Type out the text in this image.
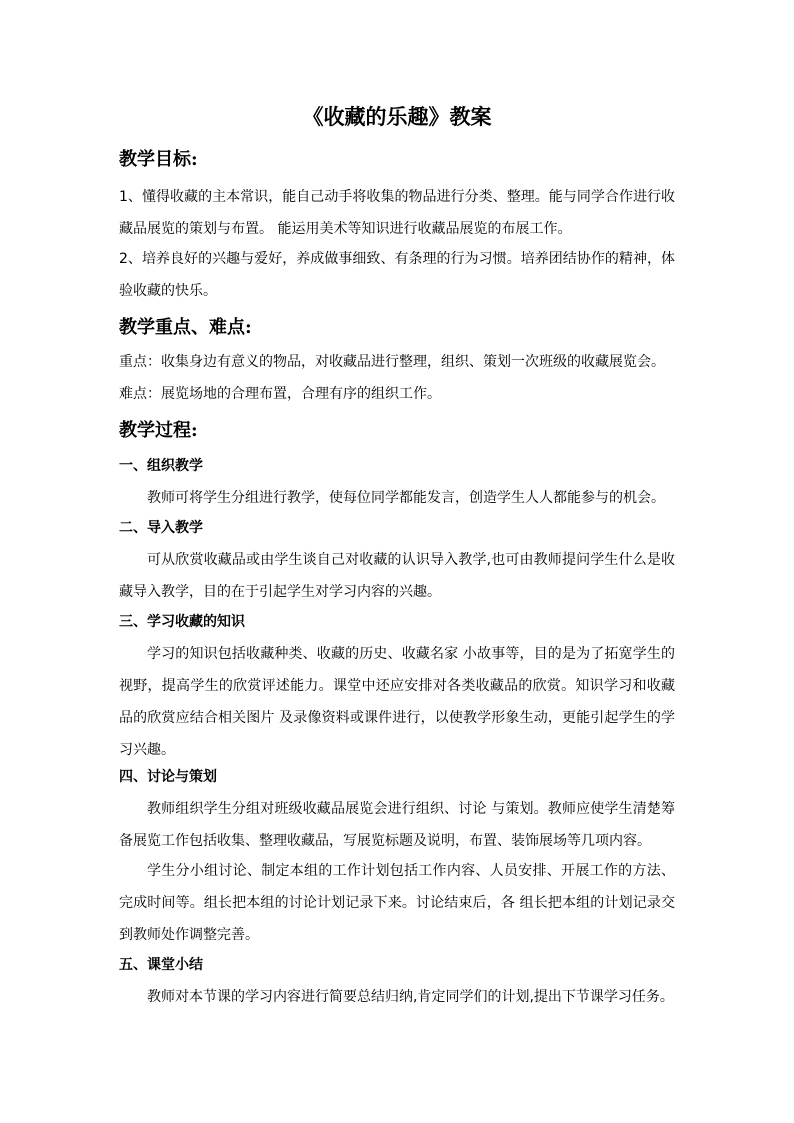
《收藏的乐趣》教案
教学目标:
1、懂得收藏的主本常识，能自己动手将收集的物品进行分类、整理。能与同学合作进行收藏品展览的策划与布置。 能运用美术等知识进行收藏品展览的布展工作。
2、培养良好的兴趣与爱好，养成做事细致、有条理的行为习惯。培养团结协作的精神，体验收藏的快乐。
教学重点、难点:
重点：收集身边有意义的物品，对收藏品进行整理，组织、策划一次班级的收藏展览会。
难点：展览场地的合理布置，合理有序的组织工作。
教学过程:
一、组织教学
教师可将学生分组进行教学，使每位同学都能发言，创造学生人人都能参与的机会。
二、导入教学
可从欣赏收藏品或由学生谈自己对收藏的认识导入教学,也可由教师提问学生什么是收藏导入教学，目的在于引起学生对学习内容的兴趣。
三、学习收藏的知识
学习的知识包括收藏种类、收藏的历史、收藏名家 小故事等，目的是为了拓宽学生的视野，提高学生的欣赏评述能力。课堂中还应安排对各类收藏品的欣赏。知识学习和收藏品的欣赏应结合相关图片 及录像资料或课件进行，以使教学形象生动，更能引起学生的学习兴趣。
四、讨论与策划
教师组织学生分组对班级收藏品展览会进行组织、讨论 与策划。教师应使学生清楚筹备展览工作包括收集、整理收藏品，写展览标题及说明，布置、装饰展场等几项内容。
学生分小组讨论、制定本组的工作计划包括工作内容、人员安排、开展工作的方法、完成时间等。组长把本组的讨论计划记录下来。讨论结束后，各 组长把本组的计划记录交到教师处作调整完善。
五、课堂小结
教师对本节课的学习内容进行简要总结归纳,肯定同学们的计划,提出下节课学习任务。
